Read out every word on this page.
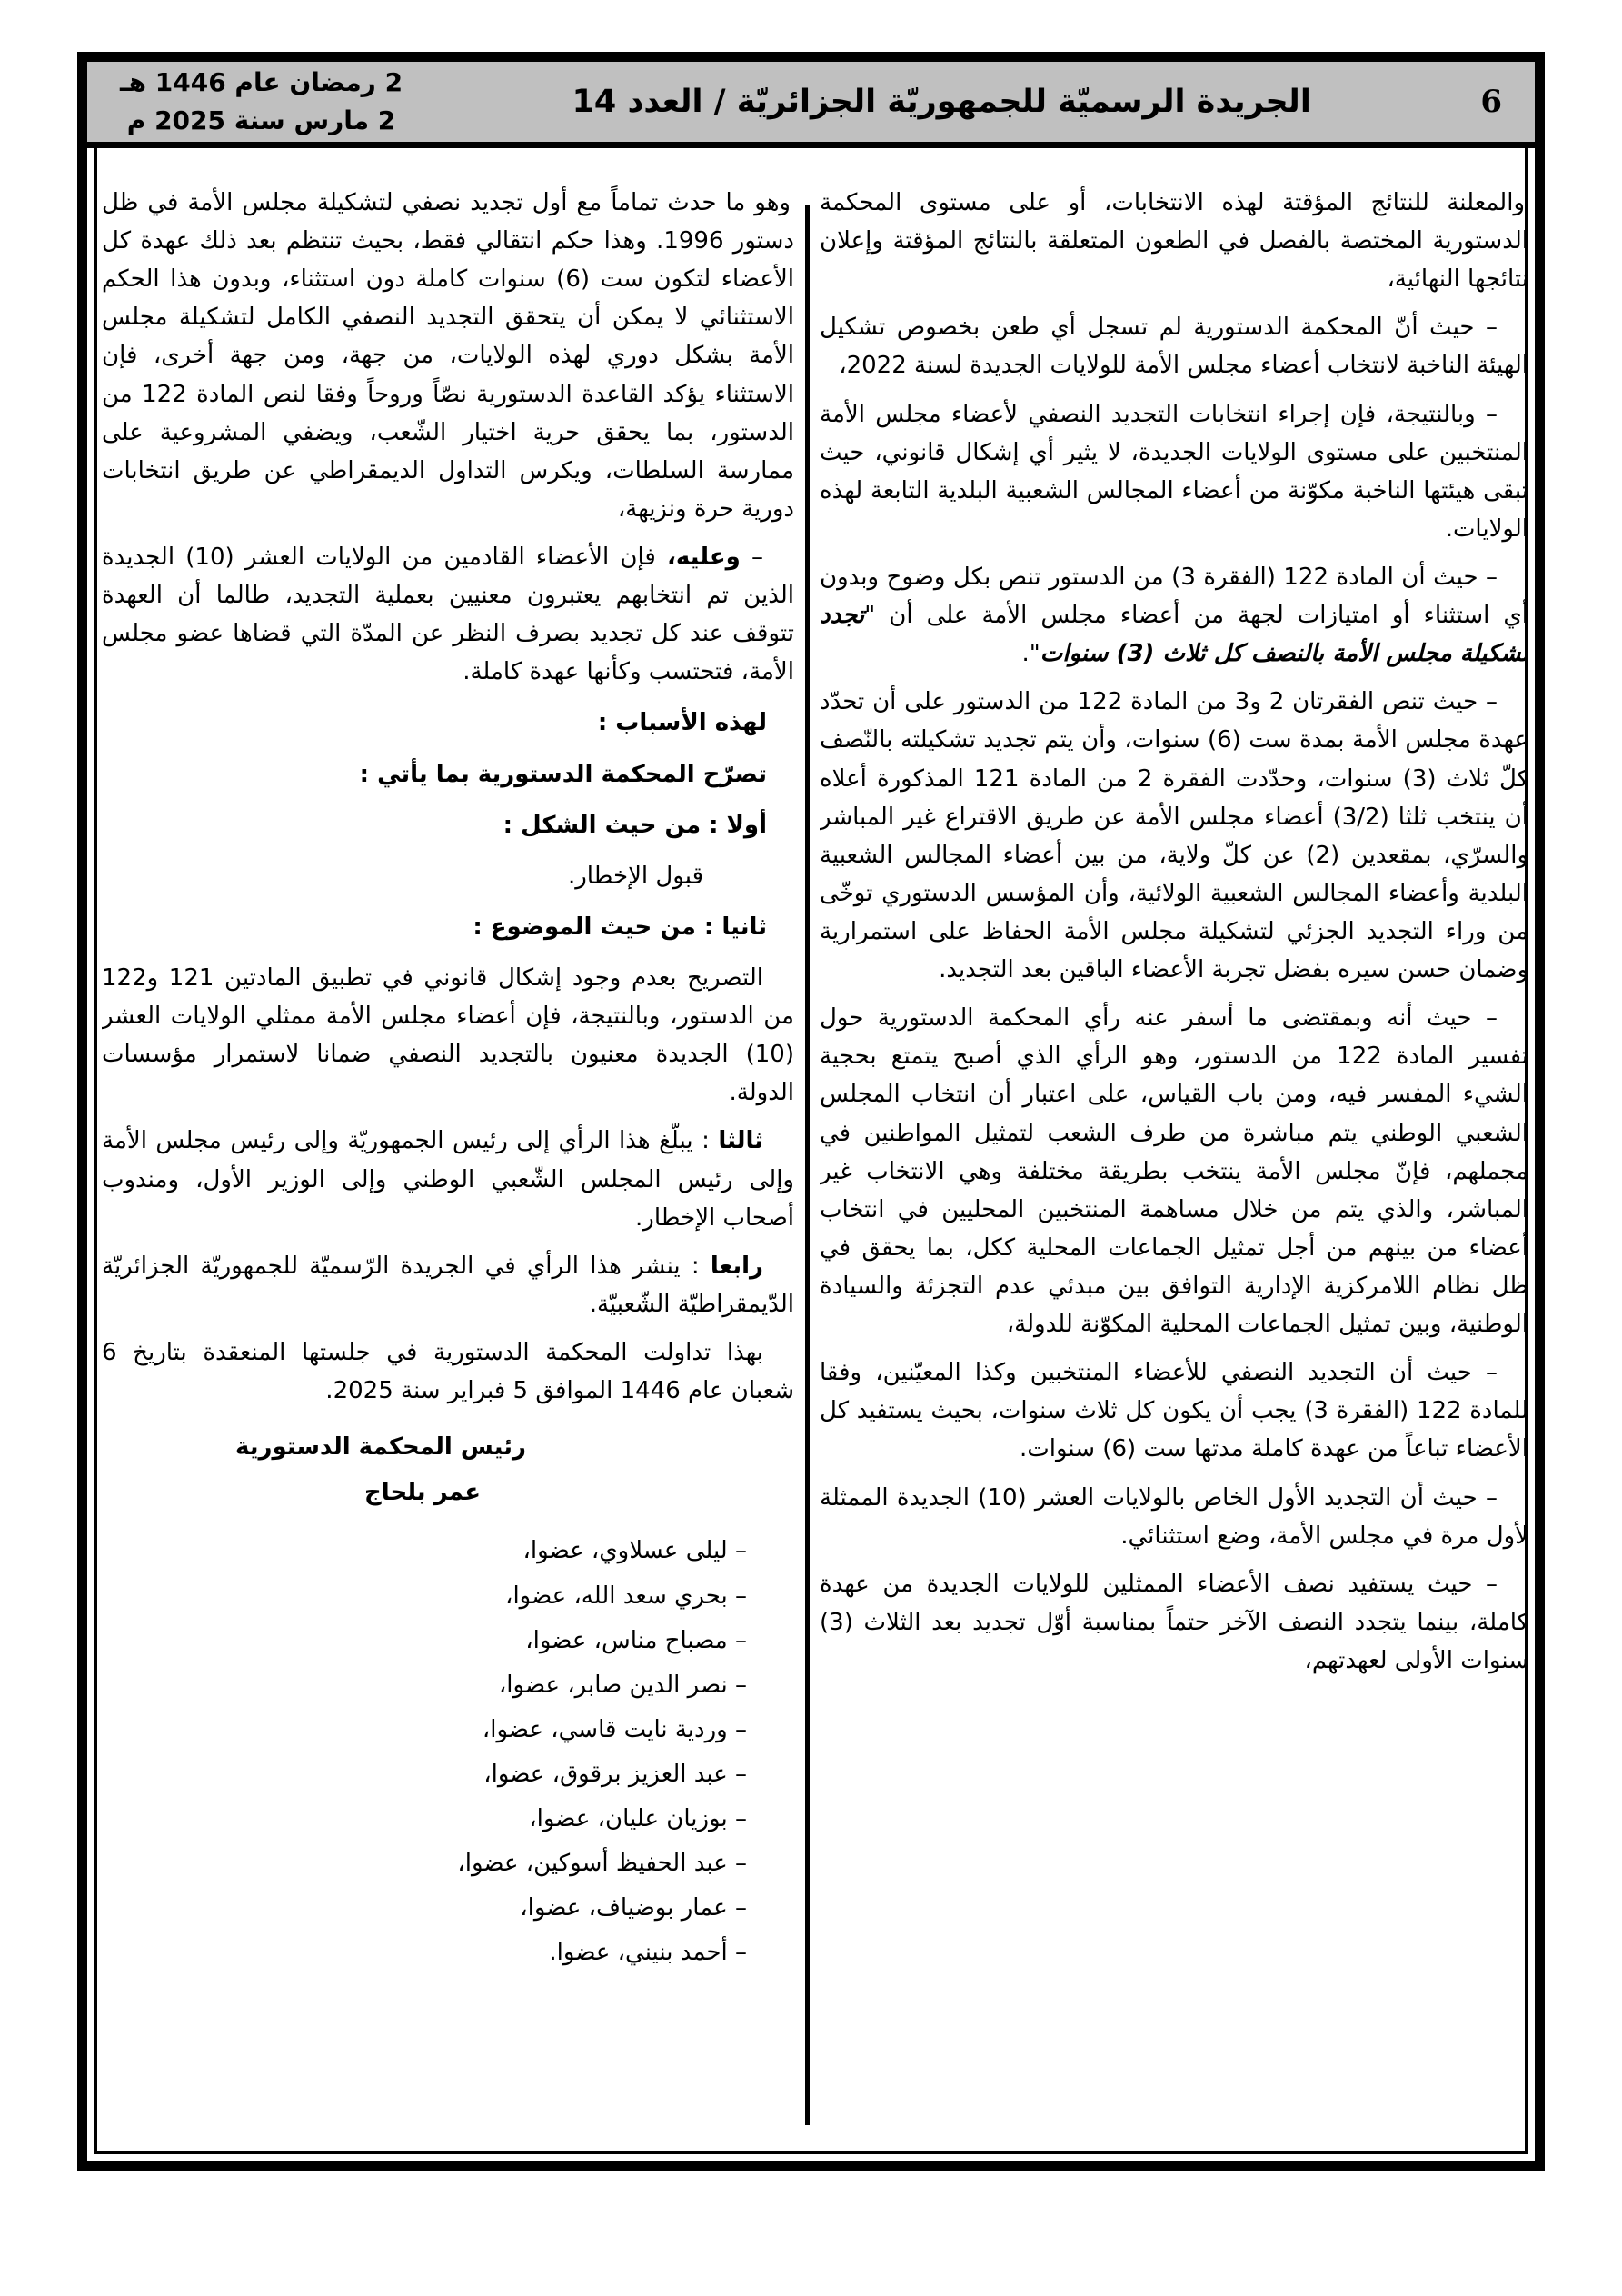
6
الجريدة الرسميّة للجمهوريّة الجزائريّة / العدد 14
2 رمضان عام 1446 هـ
2 مارس سنة 2025 م

والمعلنة للنتائج المؤقتة لهذه الانتخابات، أو على مستوى المحكمة الدستورية المختصة بالفصل في الطعون المتعلقة بالنتائج المؤقتة وإعلان نتائجها النهائية،

– حيث أنّ المحكمة الدستورية لم تسجل أي طعن بخصوص تشكيل الهيئة الناخبة لانتخاب أعضاء مجلس الأمة للولايات الجديدة لسنة 2022،

– وبالنتيجة، فإن إجراء انتخابات التجديد النصفي لأعضاء مجلس الأمة المنتخبين على مستوى الولايات الجديدة، لا يثير أي إشكال قانوني، حيث تبقى هيئتها الناخبة مكوّنة من أعضاء المجالس الشعبية البلدية التابعة لهذه الولايات.

– حيث أن المادة 122 (الفقرة 3) من الدستور تنص بكل وضوح وبدون أي استثناء أو امتيازات لجهة من أعضاء مجلس الأمة على أن "تجدد تشكيلة مجلس الأمة بالنصف كل ثلاث (3) سنوات".

– حيث تنص الفقرتان 2 و3 من المادة 122 من الدستور على أن تحدّد عهدة مجلس الأمة بمدة ست (6) سنوات، وأن يتم تجديد تشكيلته بالنّصف كلّ ثلاث (3) سنوات، وحدّدت الفقرة 2 من المادة 121 المذكورة أعلاه أن ينتخب ثلثا (3/2) أعضاء مجلس الأمة عن طريق الاقتراع غير المباشر والسرّي، بمقعدين (2) عن كلّ ولاية، من بين أعضاء المجالس الشعبية البلدية وأعضاء المجالس الشعبية الولائية، وأن المؤسس الدستوري توخّى من وراء التجديد الجزئي لتشكيلة مجلس الأمة الحفاظ على استمرارية وضمان حسن سيره بفضل تجربة الأعضاء الباقين بعد التجديد.

– حيث أنه وبمقتضى ما أسفر عنه رأي المحكمة الدستورية حول تفسير المادة 122 من الدستور، وهو الرأي الذي أصبح يتمتع بحجية الشيء المفسر فيه، ومن باب القياس، على اعتبار أن انتخاب المجلس الشعبي الوطني يتم مباشرة من طرف الشعب لتمثيل المواطنين في مجملهم، فإنّ مجلس الأمة ينتخب بطريقة مختلفة وهي الانتخاب غير المباشر، والذي يتم من خلال مساهمة المنتخبين المحليين في انتخاب أعضاء من بينهم من أجل تمثيل الجماعات المحلية ككل، بما يحقق في ظل نظام اللامركزية الإدارية التوافق بين مبدئي عدم التجزئة والسيادة الوطنية، وبين تمثيل الجماعات المحلية المكوّنة للدولة،

– حيث أن التجديد النصفي للأعضاء المنتخبين وكذا المعيّنين، وفقا للمادة 122 (الفقرة 3) يجب أن يكون كل ثلاث سنوات، بحيث يستفيد كل الأعضاء تباعاً من عهدة كاملة مدتها ست (6) سنوات.

– حيث أن التجديد الأول الخاص بالولايات العشر (10) الجديدة الممثلة لأول مرة في مجلس الأمة، وضع استثنائي.

– حيث يستفيد نصف الأعضاء الممثلين للولايات الجديدة من عهدة كاملة، بينما يتجدد النصف الآخر حتماً بمناسبة أوّل تجديد بعد الثلاث (3) سنوات الأولى لعهدتهم،

وهو ما حدث تماماً مع أول تجديد نصفي لتشكيلة مجلس الأمة في ظل دستور 1996. وهذا حكم انتقالي فقط، بحيث تنتظم بعد ذلك عهدة كل الأعضاء لتكون ست (6) سنوات كاملة دون استثناء، وبدون هذا الحكم الاستثنائي لا يمكن أن يتحقق التجديد النصفي الكامل لتشكيلة مجلس الأمة بشكل دوري لهذه الولايات، من جهة، ومن جهة أخرى، فإن الاستثناء يؤكد القاعدة الدستورية نصّاً وروحاً وفقا لنص المادة 122 من الدستور، بما يحقق حرية اختيار الشّعب، ويضفي المشروعية على ممارسة السلطات، ويكرس التداول الديمقراطي عن طريق انتخابات دورية حرة ونزيهة،

– وعليه، فإن الأعضاء القادمين من الولايات العشر (10) الجديدة الذين تم انتخابهم يعتبرون معنيين بعملية التجديد، طالما أن العهدة تتوقف عند كل تجديد بصرف النظر عن المدّة التي قضاها عضو مجلس الأمة، فتحتسب وكأنها عهدة كاملة.

لهذه الأسباب :

تصرّح المحكمة الدستورية بما يأتي :

أولا : من حيث الشكل :

قبول الإخطار.

ثانيا : من حيث الموضوع :

التصريح بعدم وجود إشكال قانوني في تطبيق المادتين 121 و122 من الدستور، وبالنتيجة، فإن أعضاء مجلس الأمة ممثلي الولايات العشر (10) الجديدة معنيون بالتجديد النصفي ضمانا لاستمرار مؤسسات الدولة.

ثالثا : يبلّغ هذا الرأي إلى رئيس الجمهوريّة وإلى رئيس مجلس الأمة وإلى رئيس المجلس الشّعبي الوطني وإلى الوزير الأول، ومندوب أصحاب الإخطار.

رابعا : ينشر هذا الرأي في الجريدة الرّسميّة للجمهوريّة الجزائريّة الدّيمقراطيّة الشّعبيّة.

بهذا تداولت المحكمة الدستورية في جلستها المنعقدة بتاريخ 6 شعبان عام 1446 الموافق 5 فبراير سنة 2025.

رئيس المحكمة الدستورية

عمر بلحاج

– ليلى عسلاوي، عضوا،

– بحري سعد الله، عضوا،

– مصباح مناس، عضوا،

– نصر الدين صابر، عضوا،

– وردية نايت قاسي، عضوا،

– عبد العزيز برقوق، عضوا،

– بوزيان عليان، عضوا،

– عبد الحفيظ أسوكين، عضوا،

– عمار بوضياف، عضوا،

– أحمد بنيني، عضوا.
